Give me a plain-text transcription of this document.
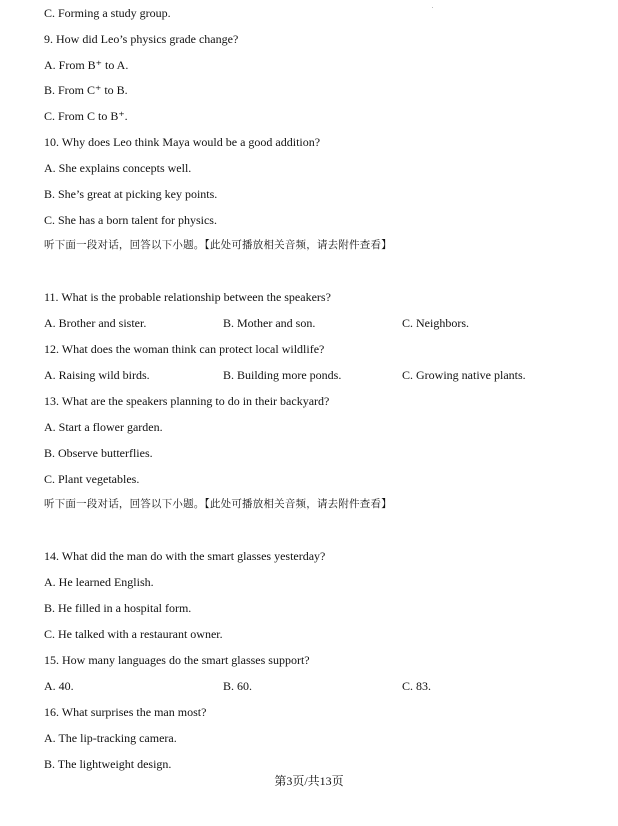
C. Forming a study group.
9. How did Leo’s physics grade change?
A. From B⁺ to A.
B. From C⁺ to B.
C. From C to B⁺.
10. Why does Leo think Maya would be a good addition?
A. She explains concepts well.
B. She’s great at picking key points.
C. She has a born talent for physics.
听下面一段对话，回答以下小题。【此处可播放相关音频，请去附件查看】
11. What is the probable relationship between the speakers?
A. Brother and sister.	B. Mother and son.	C. Neighbors.
12. What does the woman think can protect local wildlife?
A. Raising wild birds.	B. Building more ponds.	C. Growing native plants.
13. What are the speakers planning to do in their backyard?
A. Start a flower garden.
B. Observe butterflies.
C. Plant vegetables.
听下面一段对话，回答以下小题。【此处可播放相关音频，请去附件查看】
14. What did the man do with the smart glasses yesterday?
A. He learned English.
B. He filled in a hospital form.
C. He talked with a restaurant owner.
15. How many languages do the smart glasses support?
A. 40.	B. 60.	C. 83.
16. What surprises the man most?
A. The lip-tracking camera.
B. The lightweight design.
第3页/共13页
